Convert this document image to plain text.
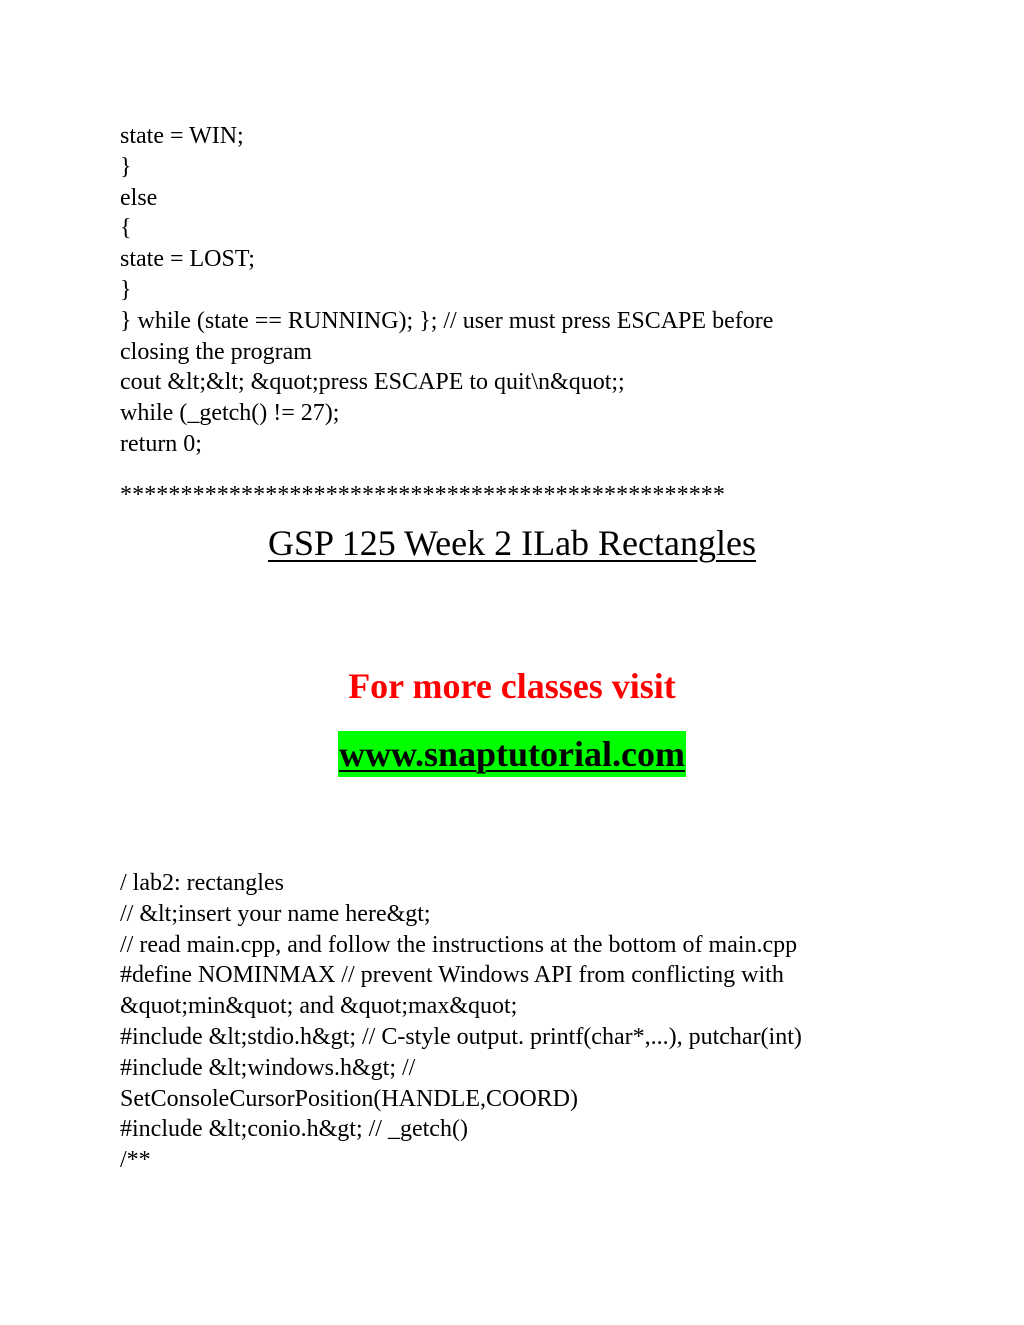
state = WIN;
}
else
{
state = LOST;
}
} while (state == RUNNING); }; // user must press ESCAPE before
closing the program
cout &lt;&lt; &quot;press ESCAPE to quit\n&quot;;
while (_getch() != 27);
return 0;
**************************************************
GSP 125 Week 2 ILab Rectangles
For more classes visit
www.snaptutorial.com
/ lab2: rectangles
// &lt;insert your name here&gt;
// read main.cpp, and follow the instructions at the bottom of main.cpp
#define NOMINMAX // prevent Windows API from conflicting with
&quot;min&quot; and &quot;max&quot;
#include &lt;stdio.h&gt; // C-style output. printf(char*,...), putchar(int)
#include &lt;windows.h&gt; //
SetConsoleCursorPosition(HANDLE,COORD)
#include &lt;conio.h&gt; // _getch()
/**
